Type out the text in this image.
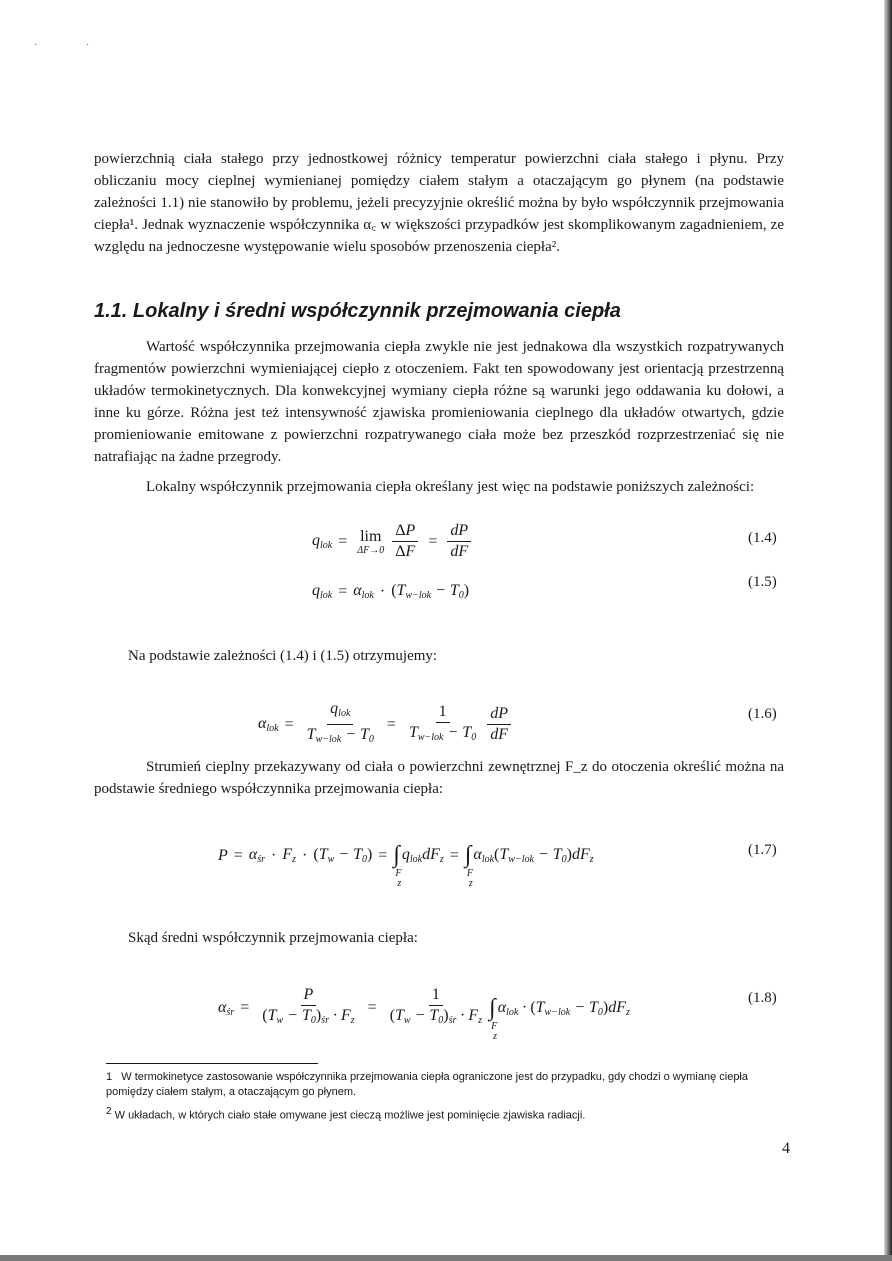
·	·

powierzchnią ciała stałego przy jednostkowej różnicy temperatur powierzchni ciała stałego i płynu. Przy obliczaniu mocy cieplnej wymienianej pomiędzy ciałem stałym a otaczającym go płynem (na podstawie zależności 1.1) nie stanowiło by problemu, jeżeli precyzyjnie określić można by było współczynnik przejmowania ciepła¹. Jednak wyznaczenie współczynnika α꜀ w większości przypadków jest skomplikowanym zagadnieniem, ze względu na jednoczesne występowanie wielu sposobów przenoszenia ciepła².

1.1. Lokalny i średni współczynnik przejmowania ciepła

Wartość współczynnika przejmowania ciepła zwykle nie jest jednakowa dla wszystkich rozpatrywanych fragmentów powierzchni wymieniającej ciepło z otoczeniem. Fakt ten spowodowany jest orientacją przestrzenną układów termokinetycznych. Dla konwekcyjnej wymiany ciepła różne są warunki jego oddawania ku dołowi, a inne ku górze. Różna jest też intensywność zjawiska promieniowania cieplnego dla układów otwartych, gdzie promieniowanie emitowane z powierzchni rozpatrywanego ciała może bez przeszkód rozprzestrzeniać się nie natrafiając na żadne przegrody.

Lokalny współczynnik przejmowania ciepła określany jest więc na podstawie poniższych zależności:

$q_{lok} = \lim$
$\Delta F\to 0 \frac{\Delta P}{\Delta F} = \frac{dP}{dF}$	(1.4)
$q_{lok} = \alpha_{lok} \cdot (T_{w-lok} - T_0)$	(1.5)
Na podstawie zależności (1.4) i (1.5) otrzymujemy:
$\alpha_{lok} = \frac{q_{lok}}{T_{w-lok} - T_0} = \frac{1}{T_{w-lok} - T_0} \frac{dP}{dF}$	(1.6)

Strumień cieplny przekazywany od ciała o powierzchni zewnętrznej F_z do otoczenia określić można na podstawie średniego współczynnika przejmowania ciepła:

$P = \alpha_{śr} \cdot F_z \cdot (T_w - T_0)$ = ∫
F
z
$q_{lok}dF_z$ = ∫
F
z
$\alpha_{lok}(T_{w-lok} - T_0)dF_z$
(1.7)
Skąd średni współczynnik przejmowania ciepła:
$\alpha_{śr} = \frac{P}{(T_w - T_0)_{śr} \cdot F_z} = \frac{1}{(T_w - T_0)_{śr} \cdot F_z}$ ∫
F
z
$\alpha_{lok} \cdot (T_{w-lok} - T_0)dF_z$
(1.8)
1 W termokinetyce zastosowanie współczynnika przejmowania ciepła ograniczone jest do przypadku, gdy chodzi o wymianę ciepła pomiędzy ciałem stałym, a otaczającym go płynem.
$^2$ W układach, w których ciało stałe omywane jest cieczą możliwe jest pominięcie zjawiska radiacji.
4
